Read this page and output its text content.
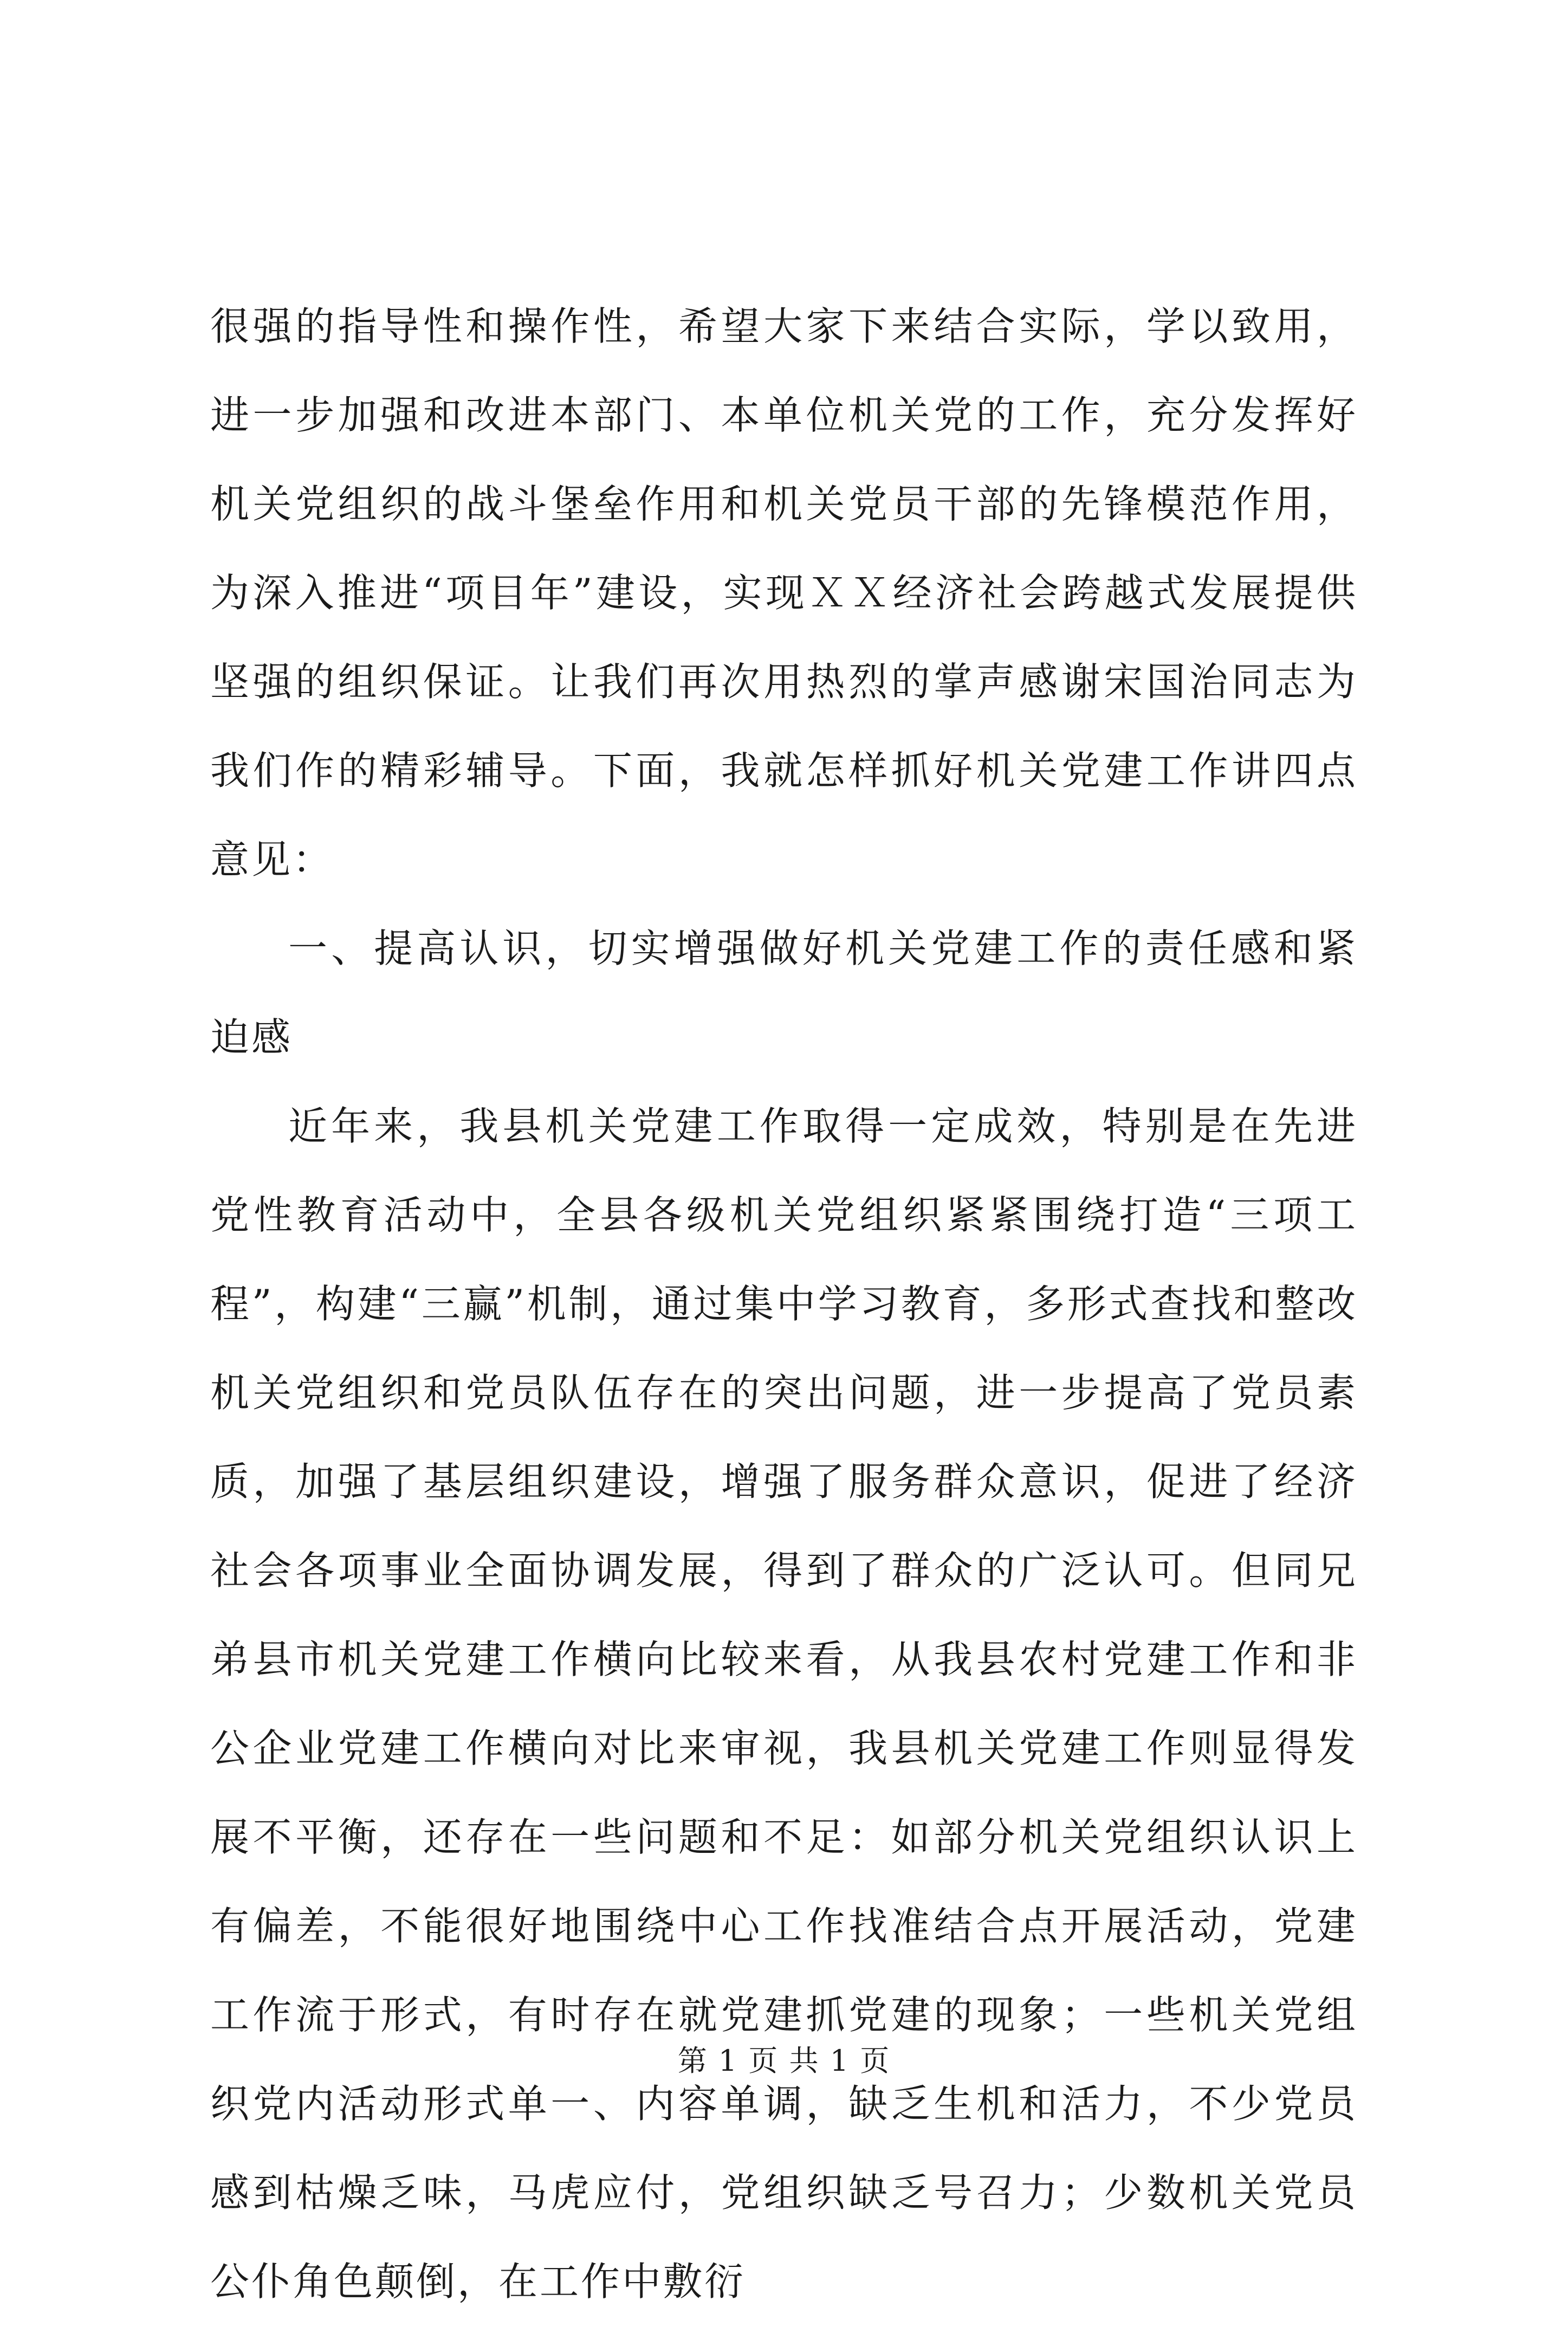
很强的指导性和操作性，希望大家下来结合实际，学以致用，进一步加强和改进本部门、本单位机关党的工作，充分发挥好机关党组织的战斗堡垒作用和机关党员干部的先锋模范作用，为深入推进“项目年”建设，实现ＸＸ经济社会跨越式发展提供坚强的组织保证。让我们再次用热烈的掌声感谢宋国治同志为我们作的精彩辅导。下面，我就怎样抓好机关党建工作讲四点意见：

一、提高认识，切实增强做好机关党建工作的责任感和紧迫感

近年来，我县机关党建工作取得一定成效，特别是在先进党性教育活动中，全县各级机关党组织紧紧围绕打造“三项工程”，构建“三赢”机制，通过集中学习教育，多形式查找和整改机关党组织和党员队伍存在的突出问题，进一步提高了党员素质，加强了基层组织建设，增强了服务群众意识，促进了经济社会各项事业全面协调发展，得到了群众的广泛认可。但同兄弟县市机关党建工作横向比较来看，从我县农村党建工作和非公企业党建工作横向对比来审视，我县机关党建工作则显得发展不平衡，还存在一些问题和不足：如部分机关党组织认识上有偏差，不能很好地围绕中心工作找准结合点开展活动，党建工作流于形式，有时存在就党建抓党建的现象；一些机关党组织党内活动形式单一、内容单调，缺乏生机和活力，不少党员感到枯燥乏味，马虎应付，党组织缺乏号召力；少数机关党员公仆角色颠倒，在工作中敷衍

第 1 页 共 1 页
